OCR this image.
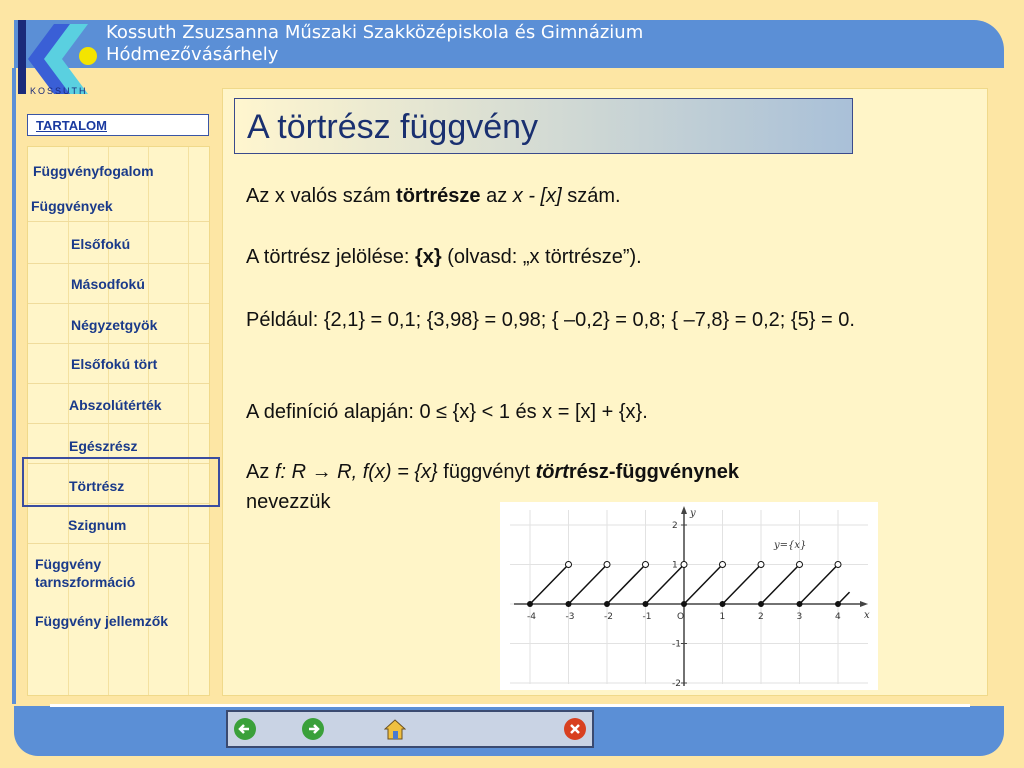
KOSSUTH
Kossuth Zsuzsanna Műszaki Szakközépiskola és Gimnázium
Hódmezővásárhely
TARTALOM
Függvényfogalom
Függvények
Elsőfokú
Másodfokú
Négyzetgyök
Elsőfokú tört
Abszolútérték
Egészrész
Törtrész
Szignum
Függvény tarnszformáció
Függvény jellemzők
A törtrész függvény
Az x valós szám törtrésze az x - [x] szám.
A törtrész jelölése: {x} (olvasd: „x törtrésze”).
Például: {2,1} = 0,1; {3,98} = 0,98; { –0,2} = 0,8; { –7,8} = 0,2; {5} = 0.
A definíció alapján: 0 ≤ {x} < 1 és x = [x] + {x}.
Az f: R → R, f(x) = {x} függvényt törtrész-függvénynek
nevezzük
-4	-3	-2	-1	O	1	2	3	4
2
1
-1
-2
x
y
y={x}
